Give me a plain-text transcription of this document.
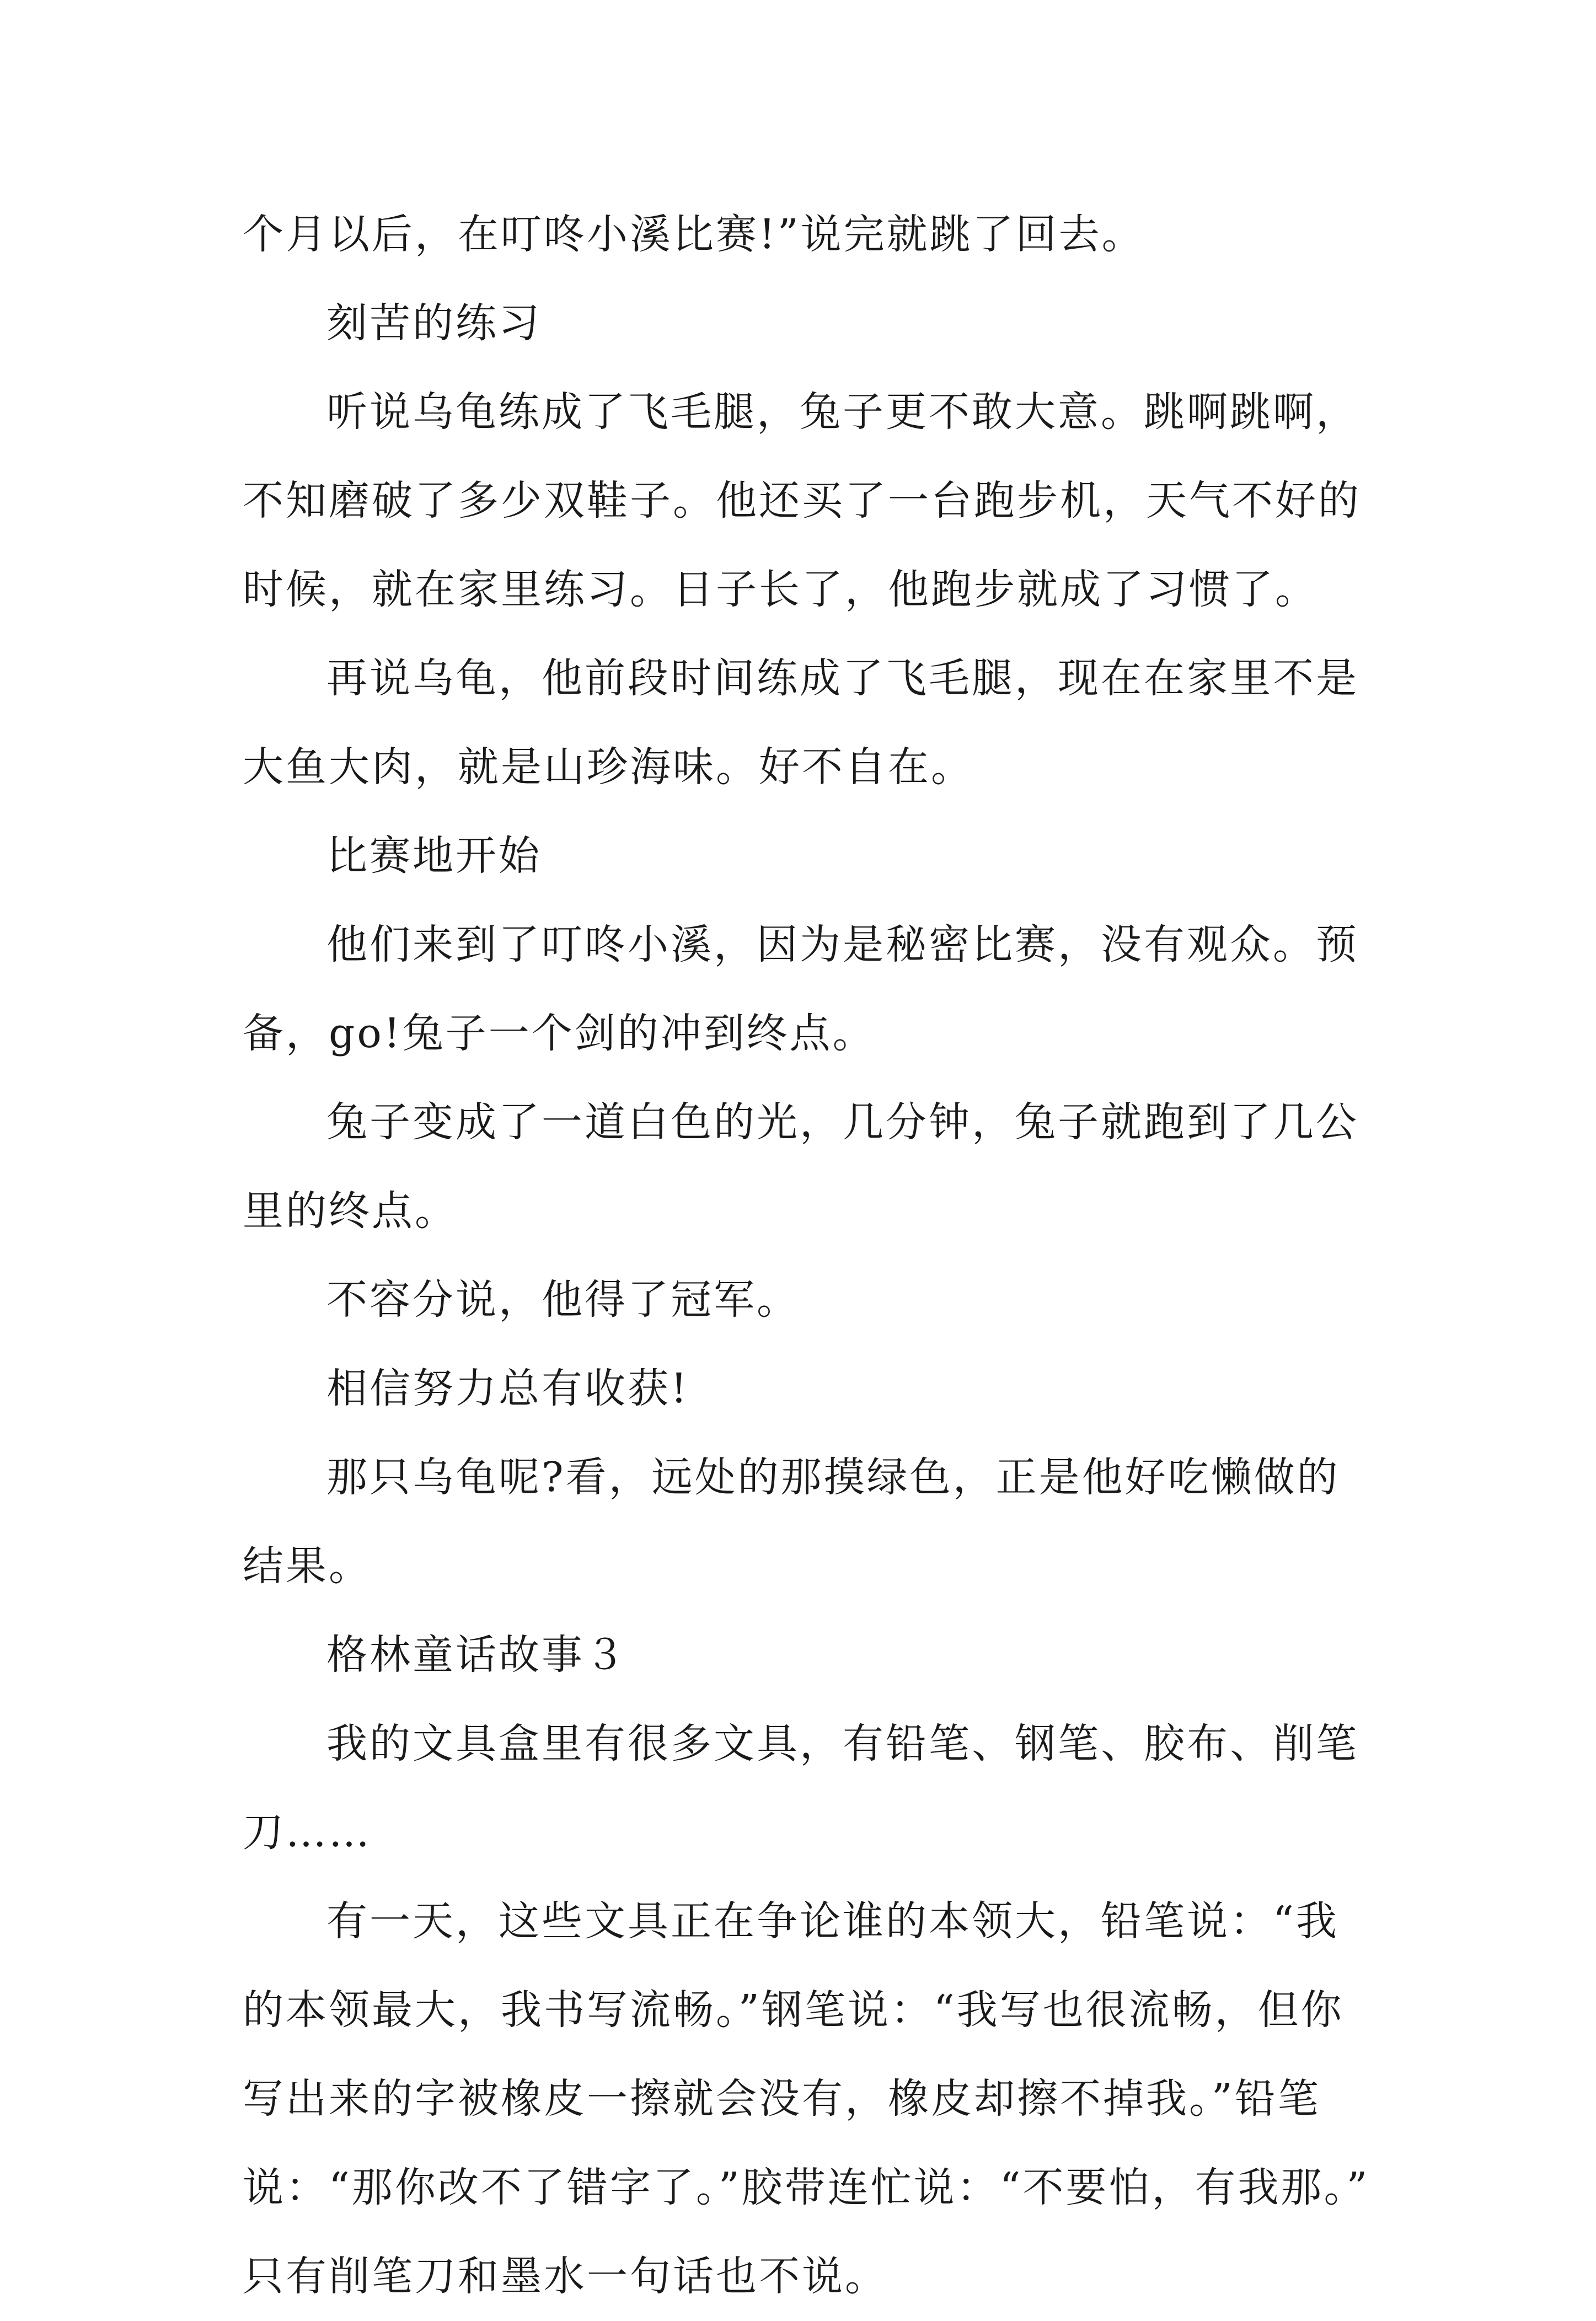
个月以后，在叮咚小溪比赛!”说完就跳了回去。
刻苦的练习
听说乌龟练成了飞毛腿，兔子更不敢大意。跳啊跳啊，
不知磨破了多少双鞋子。他还买了一台跑步机，天气不好的
时候，就在家里练习。日子长了，他跑步就成了习惯了。
再说乌龟，他前段时间练成了飞毛腿，现在在家里不是
大鱼大肉，就是山珍海味。好不自在。
比赛地开始
他们来到了叮咚小溪，因为是秘密比赛，没有观众。预
备，go!兔子一个剑的冲到终点。
兔子变成了一道白色的光，几分钟，兔子就跑到了几公
里的终点。
不容分说，他得了冠军。
相信努力总有收获!
那只乌龟呢?看，远处的那摸绿色，正是他好吃懒做的
结果。
格林童话故事３
我的文具盒里有很多文具，有铅笔、钢笔、胶布、削笔
刀……
有一天，这些文具正在争论谁的本领大，铅笔说：“我
的本领最大，我书写流畅。”钢笔说：“我写也很流畅，但你
写出来的字被橡皮一擦就会没有，橡皮却擦不掉我。”铅笔
说：“那你改不了错字了。”胶带连忙说：“不要怕，有我那。”
只有削笔刀和墨水一句话也不说。
